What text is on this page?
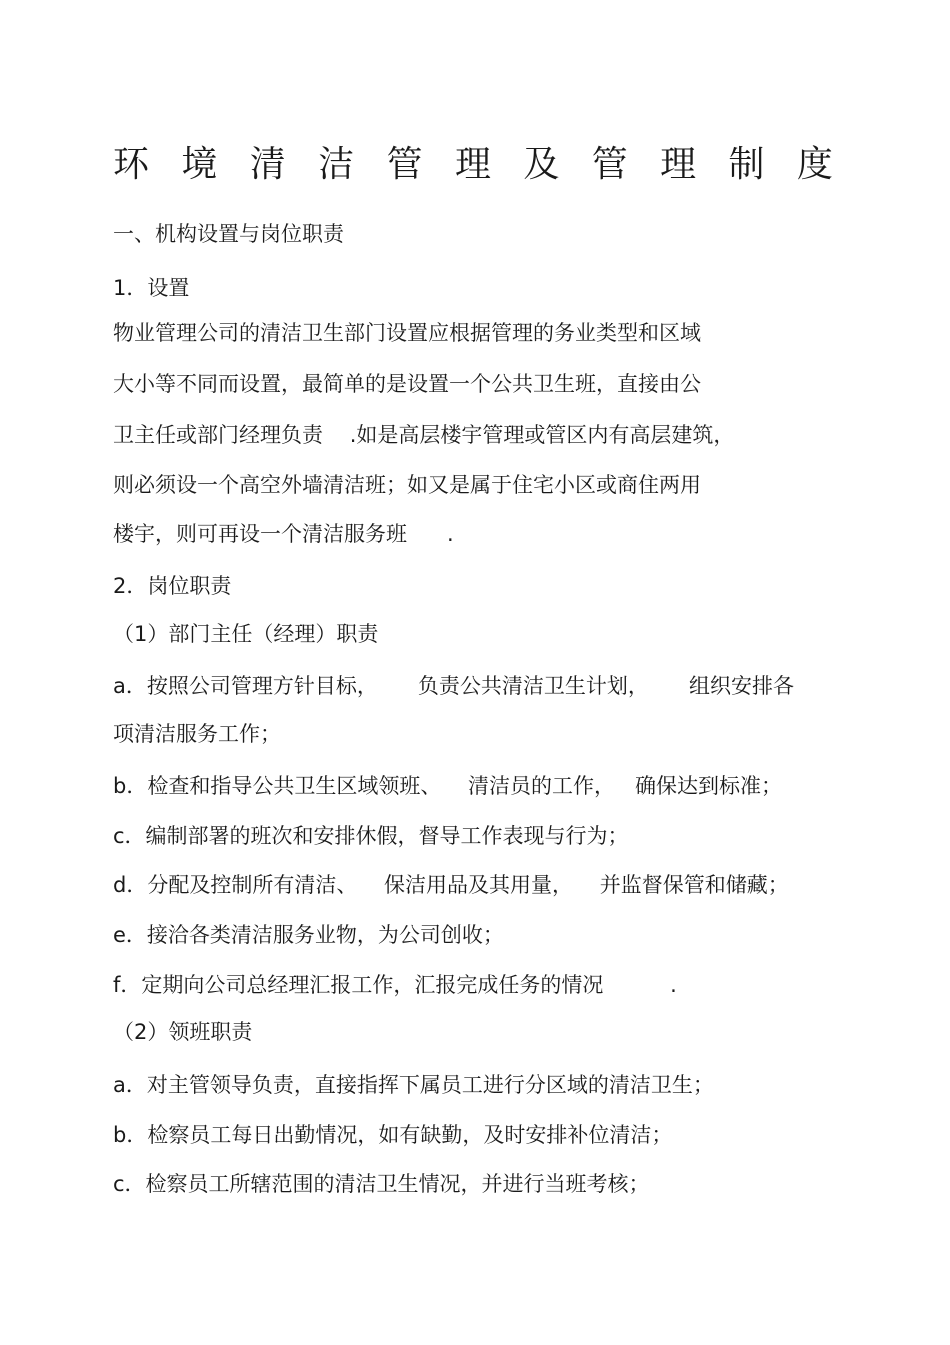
环 境 清 洁 管 理 及 管 理 制 度

一、机构设置与岗位职责

1．设置

物业管理公司的清洁卫生部门设置应根据管理的务业类型和区域

大小等不同而设置，最简单的是设置一个公共卫生班，直接由公

卫主任或部门经理负责    .如是高层楼宇管理或管区内有高层建筑，

则必须设一个高空外墙清洁班；如又是属于住宅小区或商住两用

楼宇，则可再设一个清洁服务班      .

2．岗位职责

（1）部门主任（经理）职责

a．按照公司管理方针目标，      负责公共清洁卫生计划，      组织安排各

项清洁服务工作；

b．检查和指导公共卫生区域领班、    清洁员的工作，   确保达到标准；

c．编制部署的班次和安排休假，督导工作表现与行为；

d．分配及控制所有清洁、    保洁用品及其用量，    并监督保管和储藏；

e．接洽各类清洁服务业物，为公司创收；

f．定期向公司总经理汇报工作，汇报完成任务的情况          .

（2）领班职责

a．对主管领导负责，直接指挥下属员工进行分区域的清洁卫生；

b．检察员工每日出勤情况，如有缺勤，及时安排补位清洁；

c．检察员工所辖范围的清洁卫生情况，并进行当班考核；
